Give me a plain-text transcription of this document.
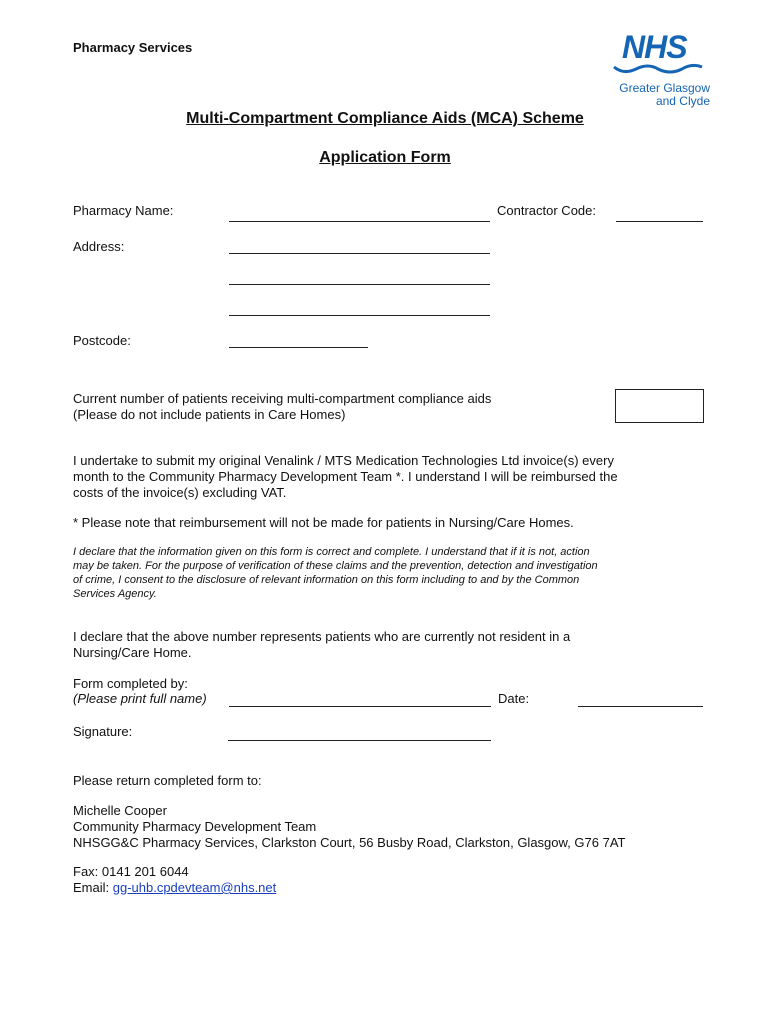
Pharmacy Services	NHS
Greater Glasgow
and Clyde
Multi-Compartment Compliance Aids (MCA) Scheme
Application Form
Pharmacy Name:	Contractor Code:
Address:
Postcode:
Current number of patients receiving multi-compartment compliance aids
(Please do not include patients in Care Homes)
I undertake to submit my original Venalink / MTS Medication Technologies Ltd invoice(s) every
month to the Community Pharmacy Development Team *. I understand I will be reimbursed the
costs of the invoice(s) excluding VAT.
* Please note that reimbursement will not be made for patients in Nursing/Care Homes.
I declare that the information given on this form is correct and complete. I understand that if it is not, action
may be taken. For the purpose of verification of these claims and the prevention, detection and investigation
of crime, I consent to the disclosure of relevant information on this form including to and by the Common
Services Agency.
I declare that the above number represents patients who are currently not resident in a
Nursing/Care Home.
Form completed by:
(Please print full name)	Date:
Signature:
Please return completed form to:
Michelle Cooper
Community Pharmacy Development Team
NHSGG&C Pharmacy Services, Clarkston Court, 56 Busby Road, Clarkston, Glasgow, G76 7AT
Fax: 0141 201 6044
Email: gg-uhb.cpdevteam@nhs.net
